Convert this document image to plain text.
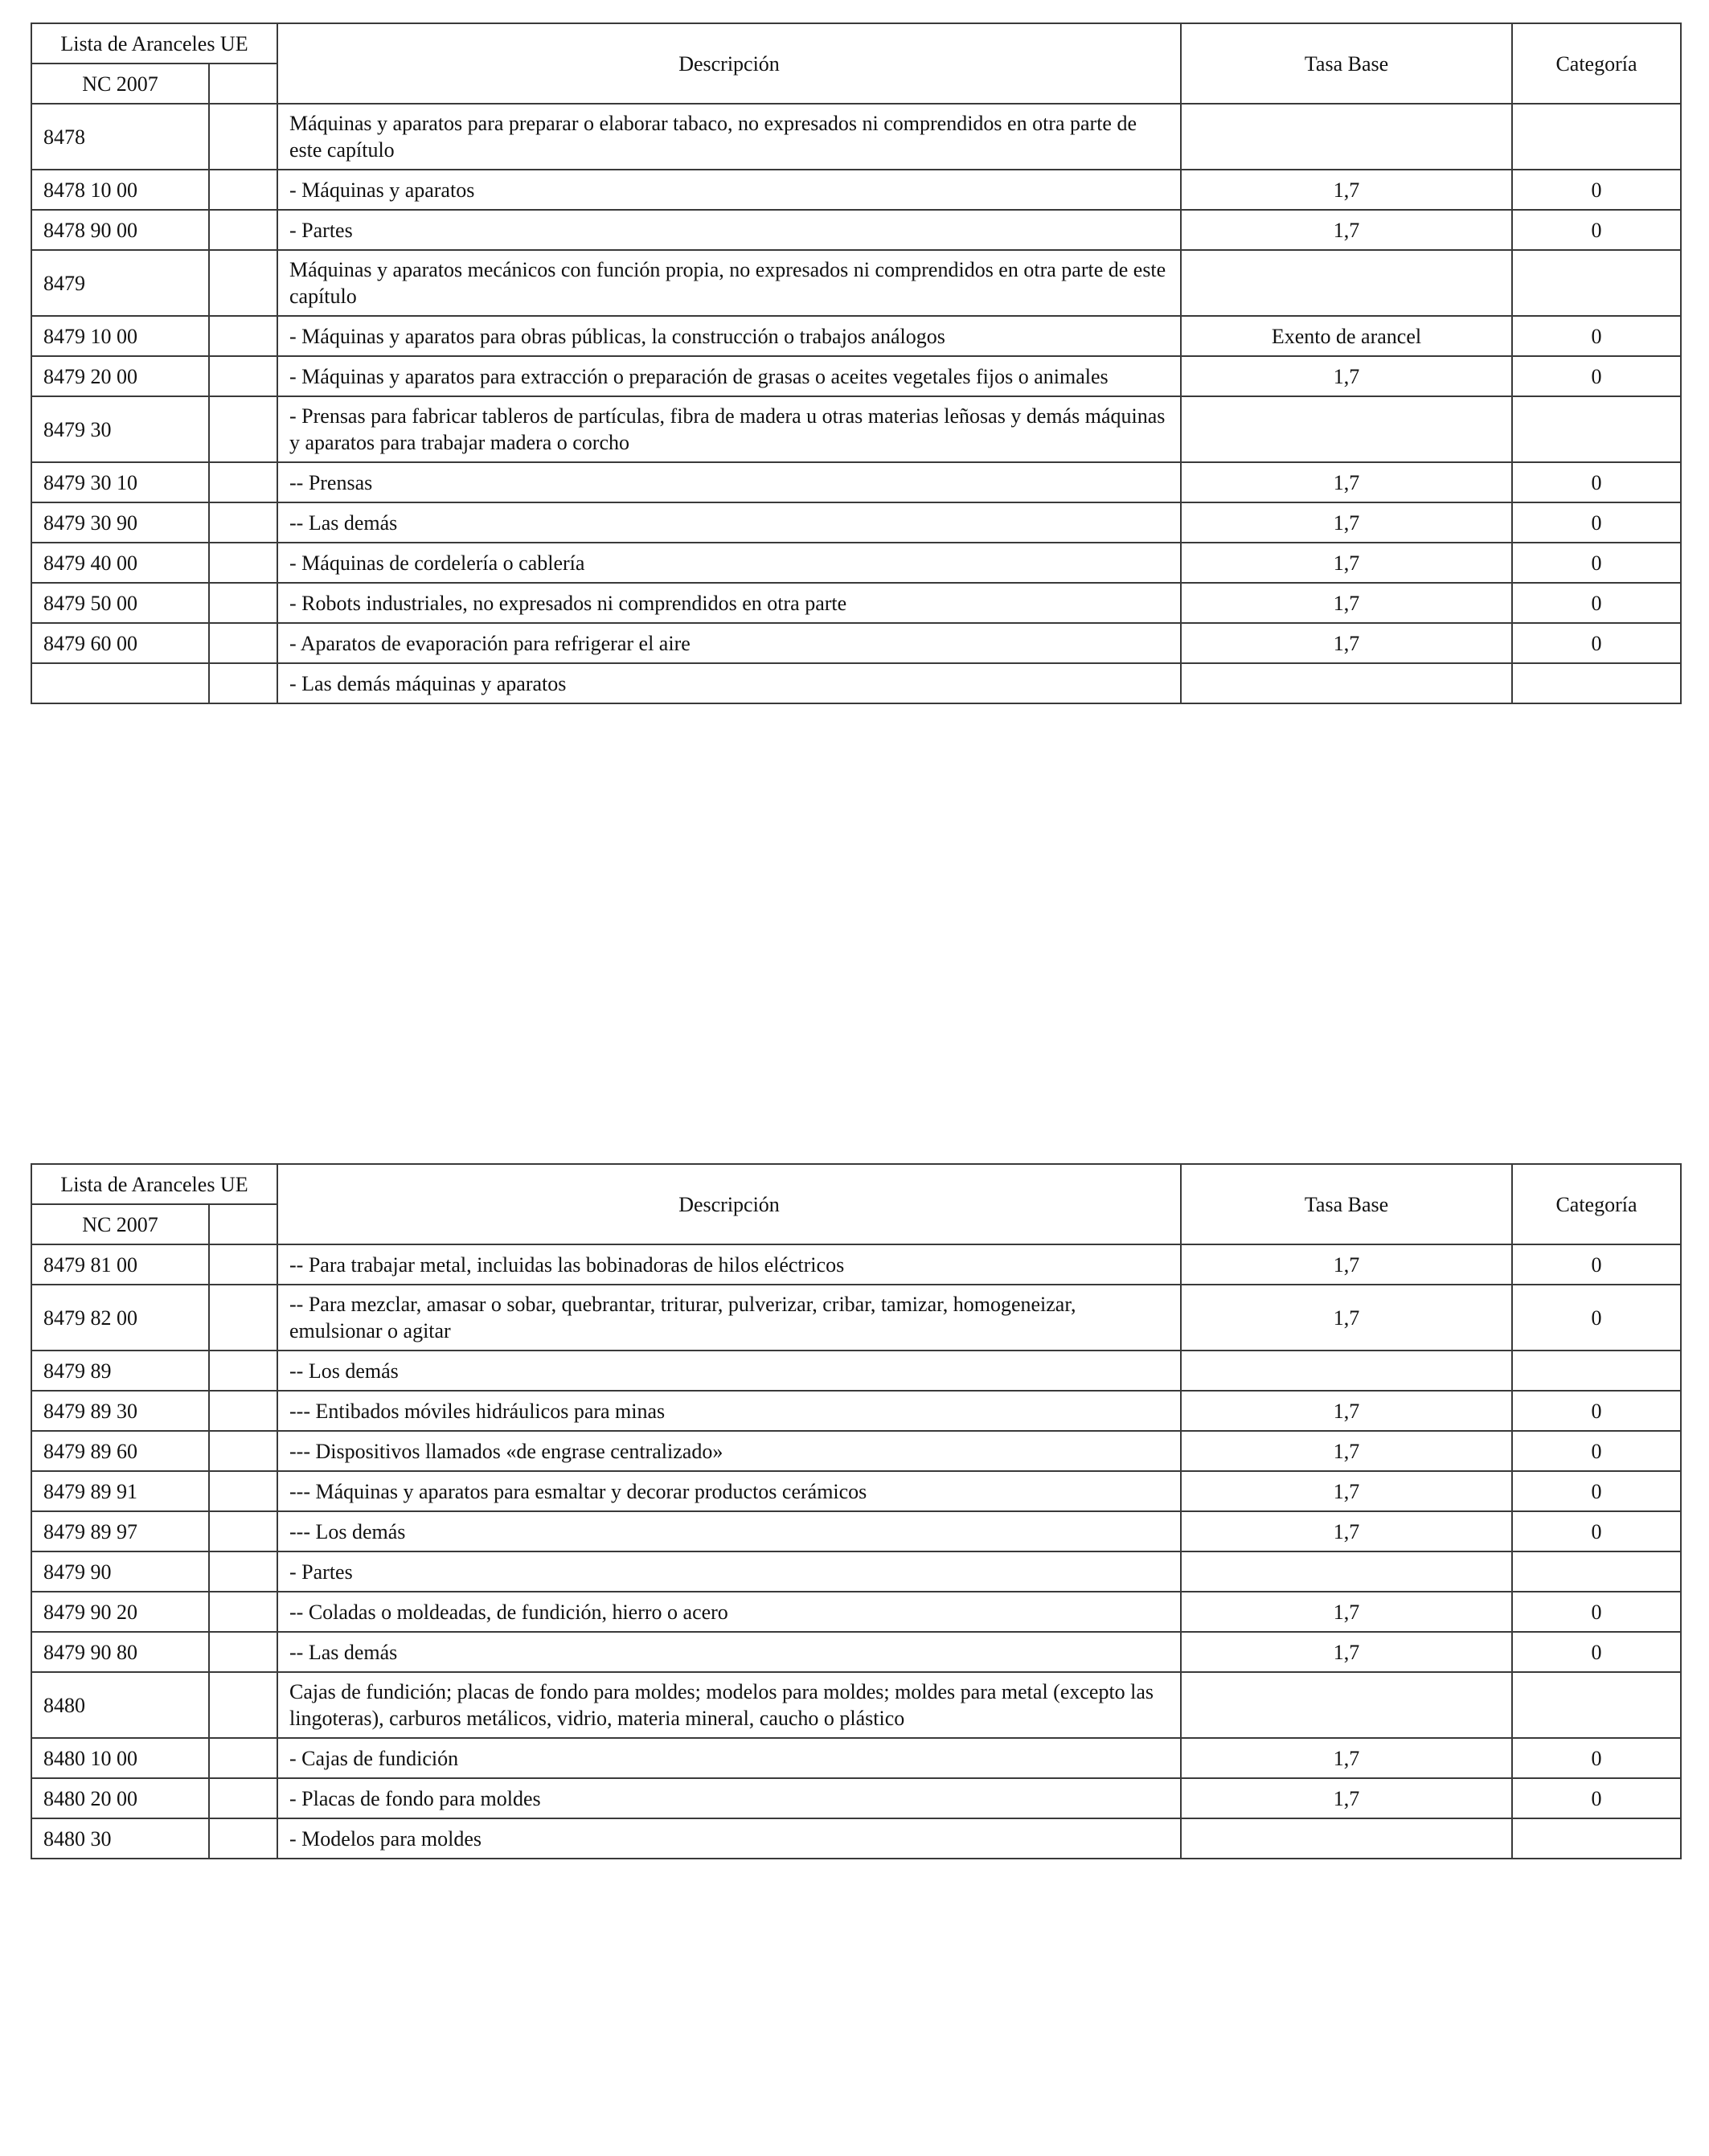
Lista de Aranceles UE		Descripción	Tasa Base	Categoría
NC 2007				
8478		Máquinas y aparatos para preparar o elaborar tabaco, no expresados ni comprendidos en otra parte de este capítulo		
8478 10 00		- Máquinas y aparatos	1,7	0
8478 90 00		- Partes	1,7	0
8479		Máquinas y aparatos mecánicos con función propia, no expresados ni comprendidos en otra parte de este capítulo		
8479 10 00		- Máquinas y aparatos para obras públicas, la construcción o trabajos análogos	Exento de arancel	0
8479 20 00		- Máquinas y aparatos para extracción o preparación de grasas o aceites vegetales fijos o animales	1,7	0
8479 30		- Prensas para fabricar tableros de partículas, fibra de madera u otras materias leñosas y demás máquinas y aparatos para trabajar madera o corcho		
8479 30 10		-- Prensas	1,7	0
8479 30 90		-- Las demás	1,7	0
8479 40 00		- Máquinas de cordelería o cablería	1,7	0
8479 50 00		- Robots industriales, no expresados ni comprendidos en otra parte	1,7	0
8479 60 00		- Aparatos de evaporación para refrigerar el aire	1,7	0
		- Las demás máquinas y aparatos		
Lista de Aranceles UE		Descripción	Tasa Base	Categoría
NC 2007				
8479 81 00		-- Para trabajar metal, incluidas las bobinadoras de hilos eléctricos	1,7	0
8479 82 00		-- Para mezclar, amasar o sobar, quebrantar, triturar, pulverizar, cribar, tamizar, homogeneizar, emulsionar o agitar	1,7	0
8479 89		-- Los demás		
8479 89 30		--- Entibados móviles hidráulicos para minas	1,7	0
8479 89 60		--- Dispositivos llamados «de engrase centralizado»	1,7	0
8479 89 91		--- Máquinas y aparatos para esmaltar y decorar productos cerámicos	1,7	0
8479 89 97		--- Los demás	1,7	0
8479 90		- Partes		
8479 90 20		-- Coladas o moldeadas, de fundición, hierro o acero	1,7	0
8479 90 80		-- Las demás	1,7	0
8480		Cajas de fundición; placas de fondo para moldes; modelos para moldes; moldes para metal (excepto las lingoteras), carburos metálicos, vidrio, materia mineral, caucho o plástico		
8480 10 00		- Cajas de fundición	1,7	0
8480 20 00		- Placas de fondo para moldes	1,7	0
8480 30		- Modelos para moldes		
